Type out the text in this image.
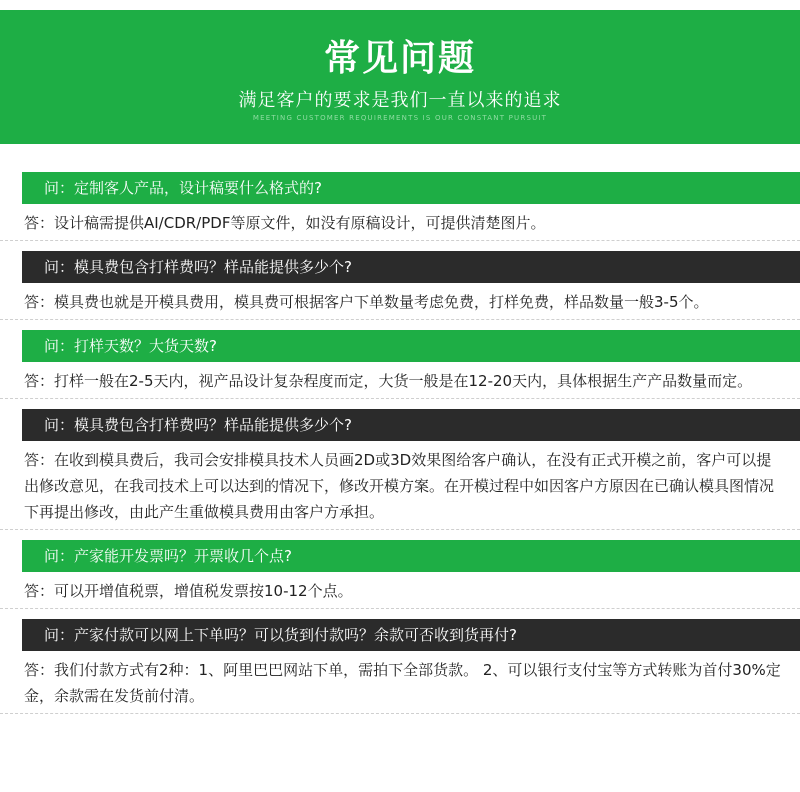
常见问题
满足客户的要求是我们一直以来的追求
MEETING CUSTOMER REQUIREMENTS IS OUR CONSTANT PURSUIT
问：定制客人产品，设计稿要什么格式的?
答：设计稿需提供AI/CDR/PDF等原文件，如没有原稿设计，可提供清楚图片。
问：模具费包含打样费吗？样品能提供多少个?
答：模具费也就是开模具费用，模具费可根据客户下单数量考虑免费，打样免费，样品数量一般3-5个。
问：打样天数？大货天数?
答：打样一般在2-5天内，视产品设计复杂程度而定，大货一般是在12-20天内，具体根据生产产品数量而定。
问：模具费包含打样费吗？样品能提供多少个?
答：在收到模具费后，我司会安排模具技术人员画2D或3D效果图给客户确认，在没有正式开模之前，客户可以提出修改意见，在我司技术上可以达到的情况下，修改开模方案。在开模过程中如因客户方原因在已确认模具图情况下再提出修改，由此产生重做模具费用由客户方承担。
问：产家能开发票吗？开票收几个点?
答：可以开增值税票，增值税发票按10-12个点。
问：产家付款可以网上下单吗？可以货到付款吗？余款可否收到货再付?
答：我们付款方式有2种：1、阿里巴巴网站下单，需拍下全部货款。 2、可以银行支付宝等方式转账为首付30%定金，余款需在发货前付清。
